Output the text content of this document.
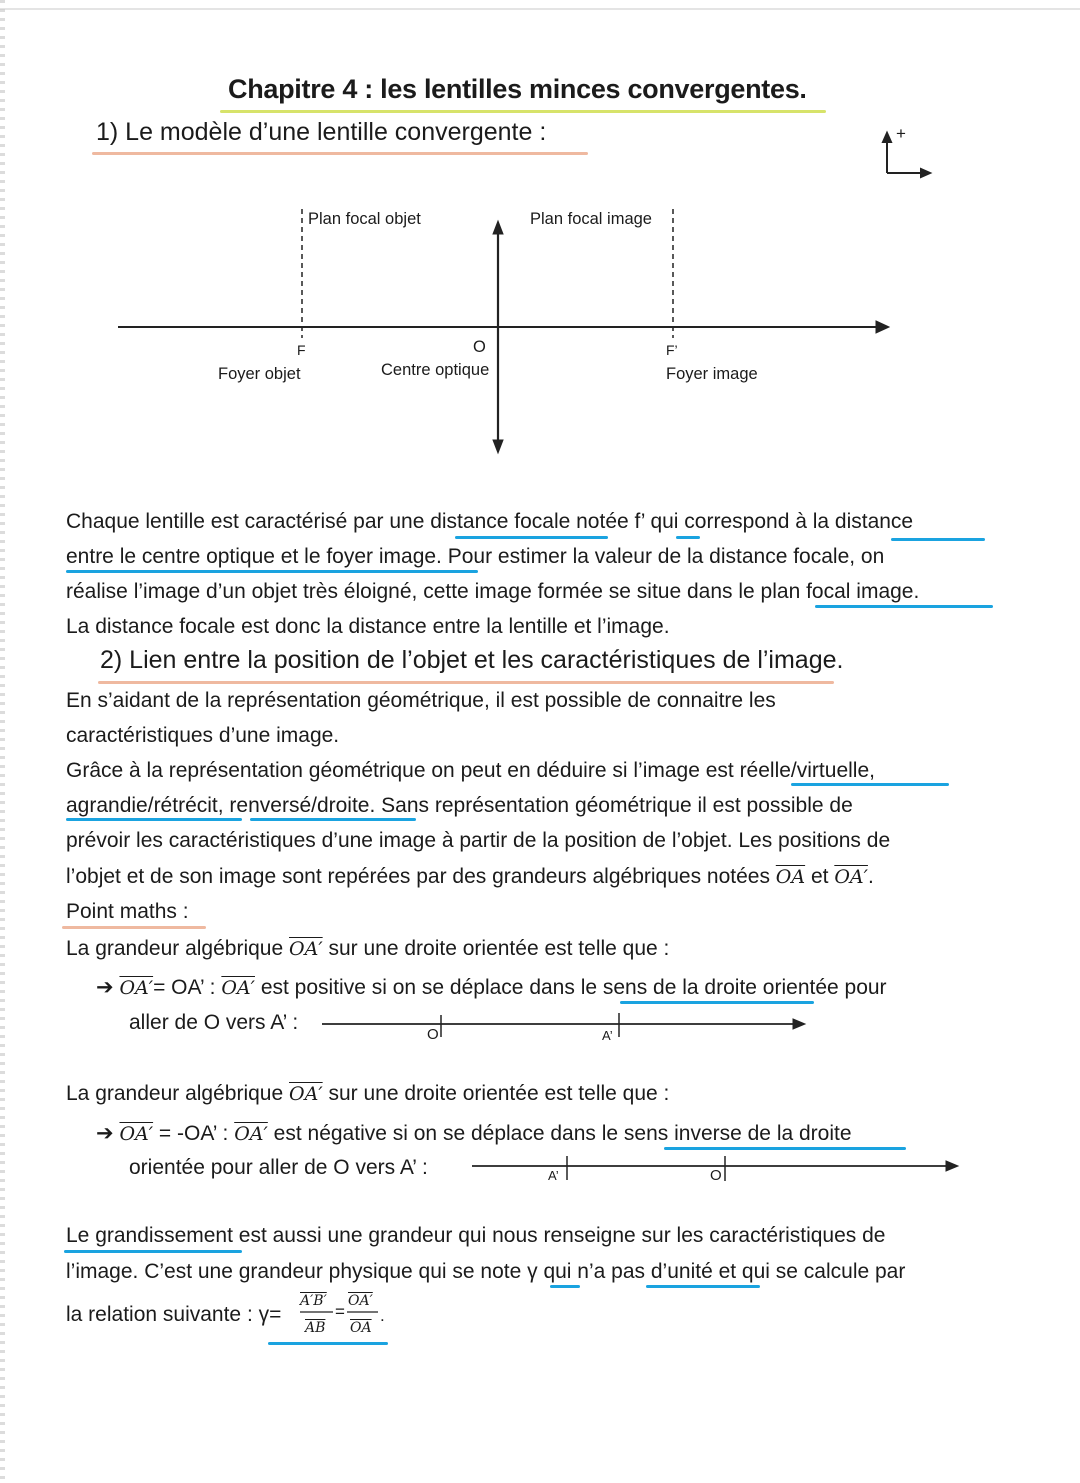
Chapitre 4 : les lentilles minces convergentes.
1) Le modèle d’une lentille convergente :	+
Plan focal objet	Plan focal image
F	O	F’
Foyer objet	Centre optique	Foyer image
Chaque lentille est caractérisé par une distance focale notée f’ qui correspond à la distance
entre le centre optique et le foyer image. Pour estimer la valeur de la distance focale, on
réalise l’image d’un objet très éloigné, cette image formée se situe dans le plan focal image.
La distance focale est donc la distance entre la lentille et l’image.
2) Lien entre la position de l’objet et les caractéristiques de l’image.
En s’aidant de la représentation géométrique, il est possible de connaitre les
caractéristiques d’une image.
Grâce à la représentation géométrique on peut en déduire si l’image est réelle/virtuelle,
agrandie/rétrécit, renversé/droite. Sans représentation géométrique il est possible de
prévoir les caractéristiques d’une image à partir de la position de l’objet. Les positions de
l’objet et de son image sont repérées par des grandeurs algébriques notées $\overline{OA}$ et OA′.
Point maths :
La grandeur algébrique OA′ sur une droite orientée est telle que :
➔ OA′= OA’ : OA′ est positive si on se déplace dans le sens de la droite orientée pour
aller de O vers A’ :
O	A’
La grandeur algébrique OA′ sur une droite orientée est telle que :
➔ OA′ = -OA’ : OA′ est négative si on se déplace dans le sens inverse de la droite
orientée pour aller de O vers A’ :	A’	O
Le grandissement est aussi une grandeur qui nous renseigne sur les caractéristiques de
l’image. C’est une grandeur physique qui se note γ qui n’a pas d’unité et qui se calcule par
la relation suivante : γ=
A′B′
$\overline{AB}$
=
OA′
$\overline{OA}$
.
